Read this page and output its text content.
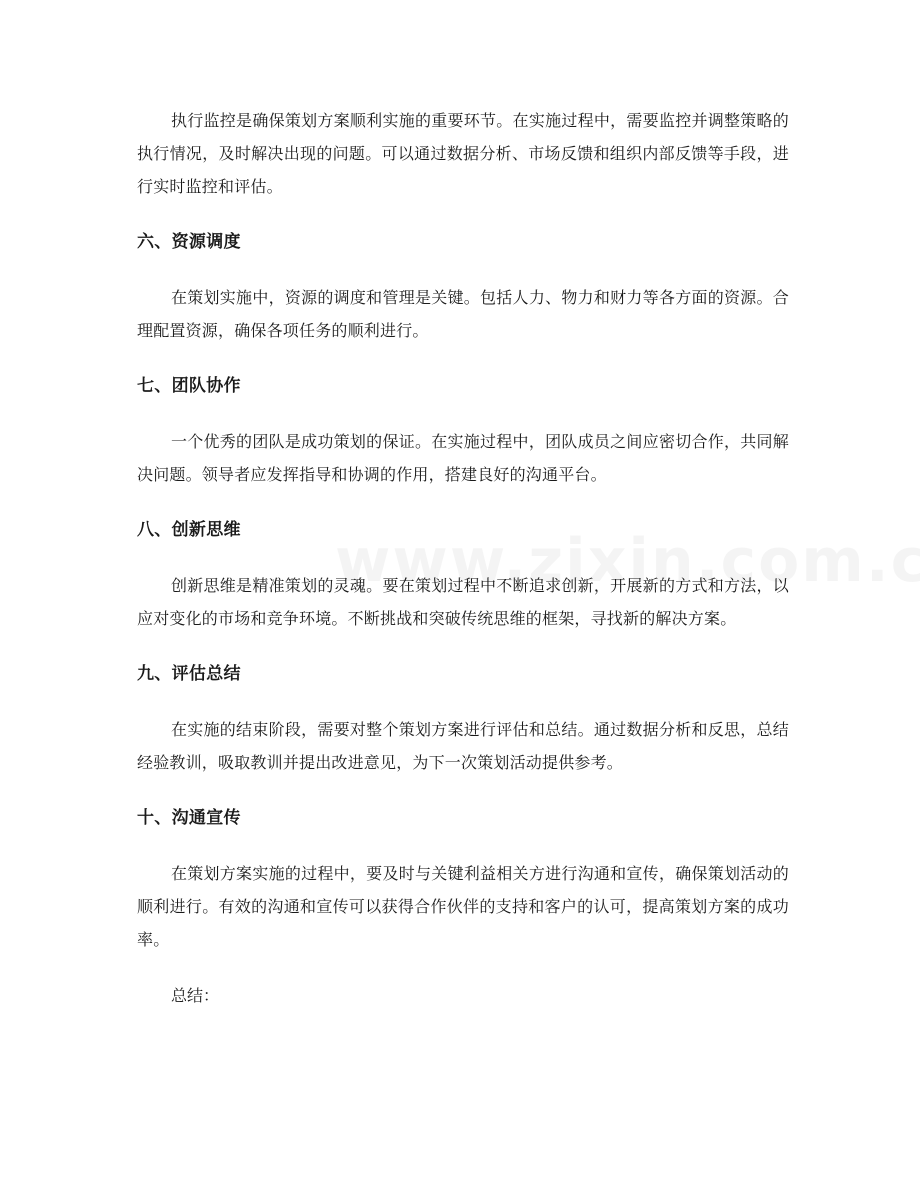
执行监控是确保策划方案顺利实施的重要环节。在实施过程中，需要监控并调整策略的执行情况，及时解决出现的问题。可以通过数据分析、市场反馈和组织内部反馈等手段，进行实时监控和评估。

六、资源调度

在策划实施中，资源的调度和管理是关键。包括人力、物力和财力等各方面的资源。合理配置资源，确保各项任务的顺利进行。

七、团队协作

一个优秀的团队是成功策划的保证。在实施过程中，团队成员之间应密切合作，共同解决问题。领导者应发挥指导和协调的作用，搭建良好的沟通平台。

八、创新思维

创新思维是精准策划的灵魂。要在策划过程中不断追求创新，开展新的方式和方法，以应对变化的市场和竞争环境。不断挑战和突破传统思维的框架，寻找新的解决方案。

九、评估总结

在实施的结束阶段，需要对整个策划方案进行评估和总结。通过数据分析和反思，总结经验教训，吸取教训并提出改进意见，为下一次策划活动提供参考。

十、沟通宣传

在策划方案实施的过程中，要及时与关键利益相关方进行沟通和宣传，确保策划活动的顺利进行。有效的沟通和宣传可以获得合作伙伴的支持和客户的认可，提高策划方案的成功率。

总结：
